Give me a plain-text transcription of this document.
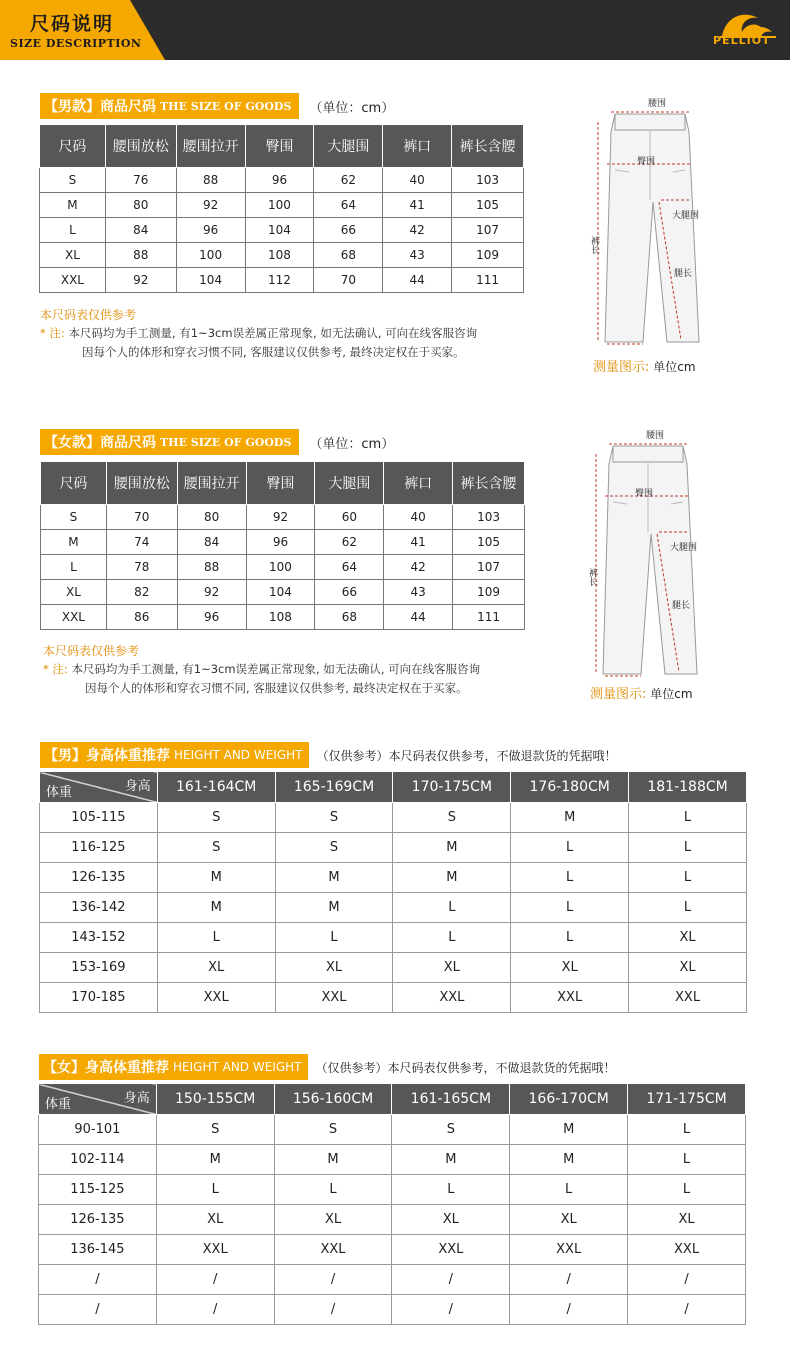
尺码说明
SIZE DESCRIPTION	PELLIOT
【男款】商品尺码 THE SIZE OF GOODS （单位：cm）
尺码	腰围放松	腰围拉开	臀围	大腿围	裤口	裤长含腰
S	76	88	96	62	40	103
M	80	92	100	64	41	105
L	84	96	104	66	42	107
XL	88	100	108	68	43	109
XXL	92	104	112	70	44	111
本尺码表仅供参考
* 注: 本尺码均为手工测量, 有1~3cm误差属正常现象, 如无法确认, 可向在线客服咨询
因每个人的体形和穿衣习惯不同, 客服建议仅供参考, 最终决定权在于买家。
腰围
臀围
大腿围
裤长
腿长
测量图示: 单位cm
【女款】商品尺码 THE SIZE OF GOODS （单位：cm）
尺码	腰围放松	腰围拉开	臀围	大腿围	裤口	裤长含腰
S	70	80	92	60	40	103
M	74	84	96	62	41	105
L	78	88	100	64	42	107
XL	82	92	104	66	43	109
XXL	86	96	108	68	44	111
本尺码表仅供参考
* 注: 本尺码均为手工测量, 有1~3cm误差属正常现象, 如无法确认, 可向在线客服咨询
因每个人的体形和穿衣习惯不同, 客服建议仅供参考, 最终决定权在于买家。
腰围
臀围
大腿围
裤长
腿长
测量图示: 单位cm
【男】身高体重推荐 HEIGHT AND WEIGHT （仅供参考）本尺码表仅供参考，不做退款货的凭据哦！
身高
体重	161-164CM	165-169CM	170-175CM	176-180CM	181-188CM
105-115	S	S	S	M	L
116-125	S	S	M	L	L
126-135	M	M	M	L	L
136-142	M	M	L	L	L
143-152	L	L	L	L	XL
153-169	XL	XL	XL	XL	XL
170-185	XXL	XXL	XXL	XXL	XXL
【女】身高体重推荐 HEIGHT AND WEIGHT （仅供参考）本尺码表仅供参考，不做退款货的凭据哦！
身高
体重	150-155CM	156-160CM	161-165CM	166-170CM	171-175CM
90-101	S	S	S	M	L
102-114	M	M	M	M	L
115-125	L	L	L	L	L
126-135	XL	XL	XL	XL	XL
136-145	XXL	XXL	XXL	XXL	XXL
/	/	/	/	/	/
/	/	/	/	/	/
